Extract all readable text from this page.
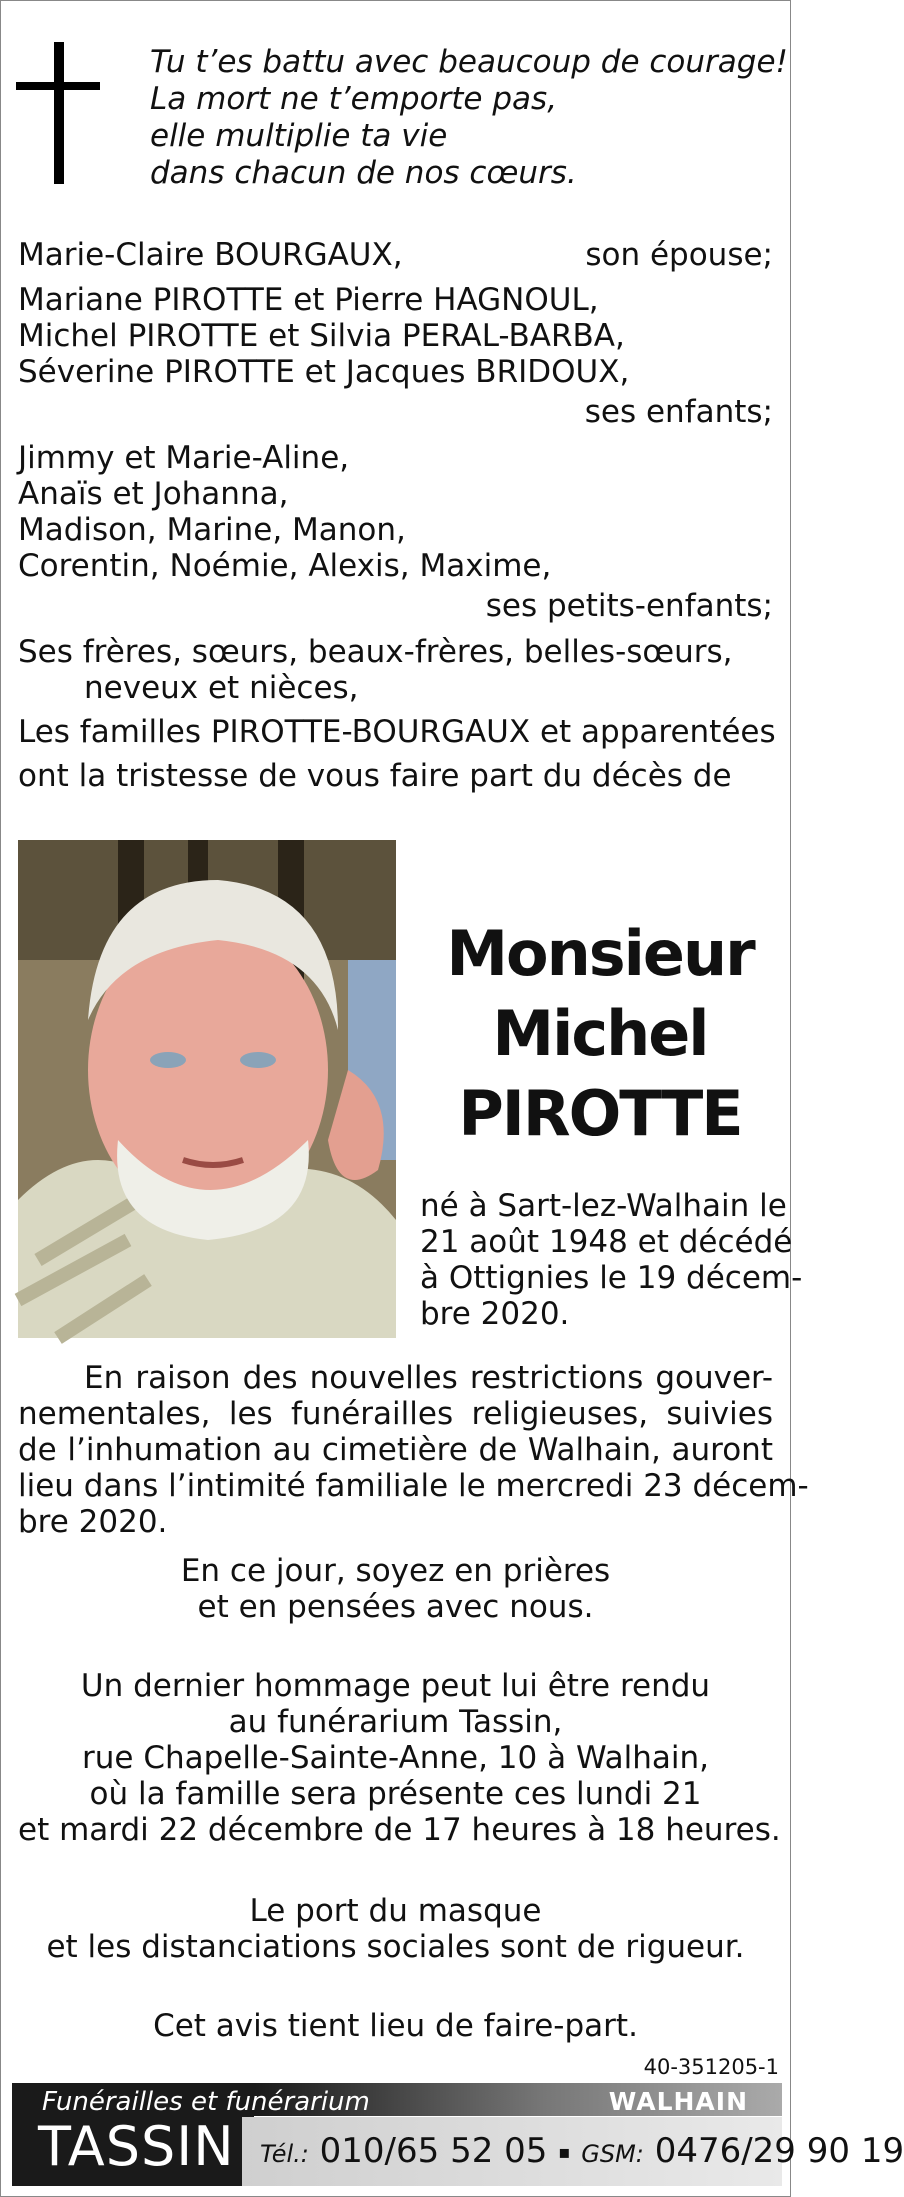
Tu t’es battu avec beaucoup de courage!
La mort ne t’emporte pas,
elle multiplie ta vie
dans chacun de nos cœurs.
Marie-Claire BOURGAUX,	son épouse;
Mariane PIROTTE et Pierre HAGNOUL,
Michel PIROTTE et Silvia PERAL-BARBA,
Séverine PIROTTE et Jacques BRIDOUX,
ses enfants;
Jimmy et Marie-Aline,
Anaïs et Johanna,
Madison, Marine, Manon,
Corentin, Noémie, Alexis, Maxime,
ses petits-enfants;
Ses frères, sœurs, beaux-frères, belles-sœurs,
neveux et nièces,
Les familles PIROTTE-BOURGAUX et apparentées
ont la tristesse de vous faire part du décès de
Monsieur
Michel
PIROTTE
né à Sart-lez-Walhain le
21 août 1948 et décédé
à Ottignies le 19 décem-
bre 2020.
En raison des nouvelles restrictions gouver-
nementales, les funérailles religieuses, suivies
de l’inhumation au cimetière de Walhain, auront
lieu dans l’intimité familiale le mercredi 23 décem-
bre 2020.
En ce jour, soyez en prières
et en pensées avec nous.
Un dernier hommage peut lui être rendu
au funérarium Tassin,
rue Chapelle-Sainte-Anne, 10 à Walhain,
où la famille sera présente ces lundi 21
et mardi 22 décembre de 17 heures à 18 heures.
Le port du masque
et les distanciations sociales sont de rigueur.
Cet avis tient lieu de faire-part.
40-351205-1
Funérailles et funérarium
TASSIN
WALHAIN
Tél.: 010/65 52 05 ▪ GSM: 0476/29 90 19
